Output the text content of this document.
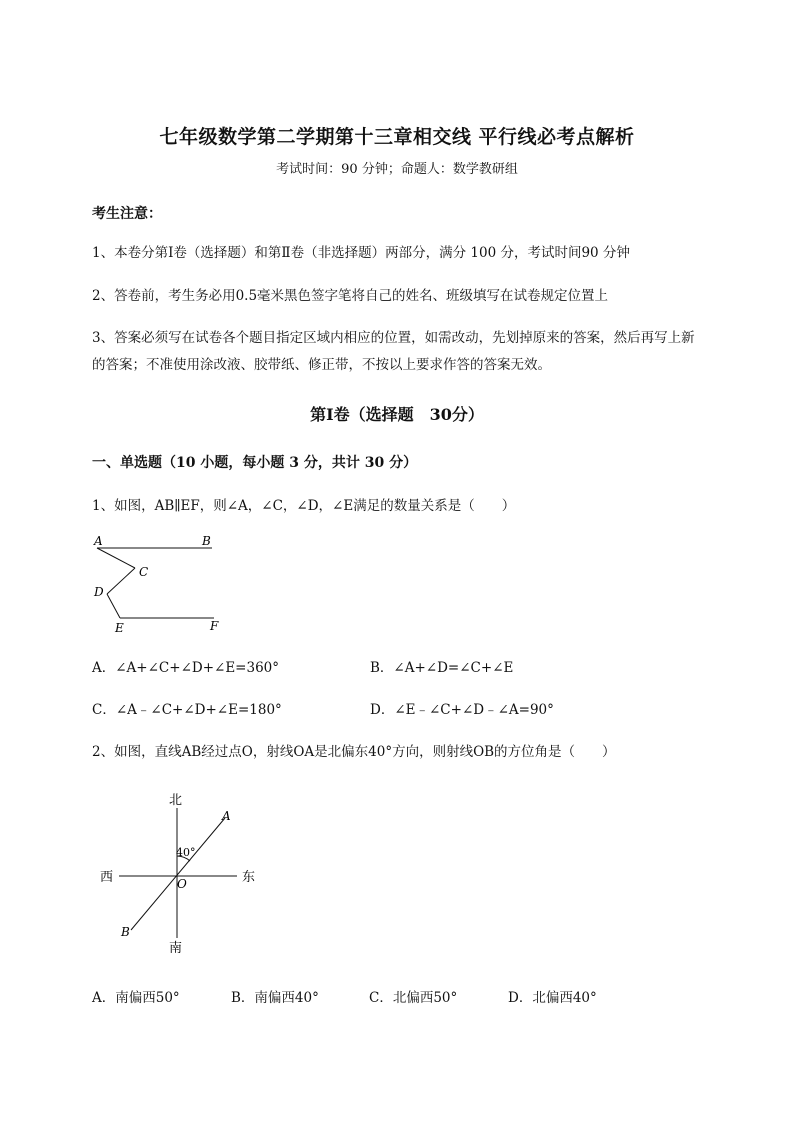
七年级数学第二学期第十三章相交线 平行线必考点解析
考试时间：90 分钟；命题人：数学教研组
考生注意：
1、本卷分第Ⅰ卷（选择题）和第Ⅱ卷（非选择题）两部分，满分 100 分，考试时间90 分钟
2、答卷前，考生务必用0.5毫米黑色签字笔将自己的姓名、班级填写在试卷规定位置上
3、答案必须写在试卷各个题目指定区域内相应的位置，如需改动，先划掉原来的答案，然后再写上新
的答案；不准使用涂改液、胶带纸、修正带，不按以上要求作答的答案无效。
第Ⅰ卷（选择题　30分）
一、单选题（10 小题，每小题 3 分，共计 30 分）
1、如图，AB∥EF，则∠A，∠C，∠D，∠E满足的数量关系是（　　）
A	B
C
D
E	F
A．∠A+∠C+∠D+∠E=360°	B．∠A+∠D=∠C+∠E
C．∠A﹣∠C+∠D+∠E=180°	D．∠E﹣∠C+∠D﹣∠A=90°
2、如图，直线AB经过点O，射线OA是北偏东40°方向，则射线OB的方位角是（　　）
北
南
西	东
A
B
O
40°
A．南偏西50°	B．南偏西40°	C．北偏西50°	D．北偏西40°
